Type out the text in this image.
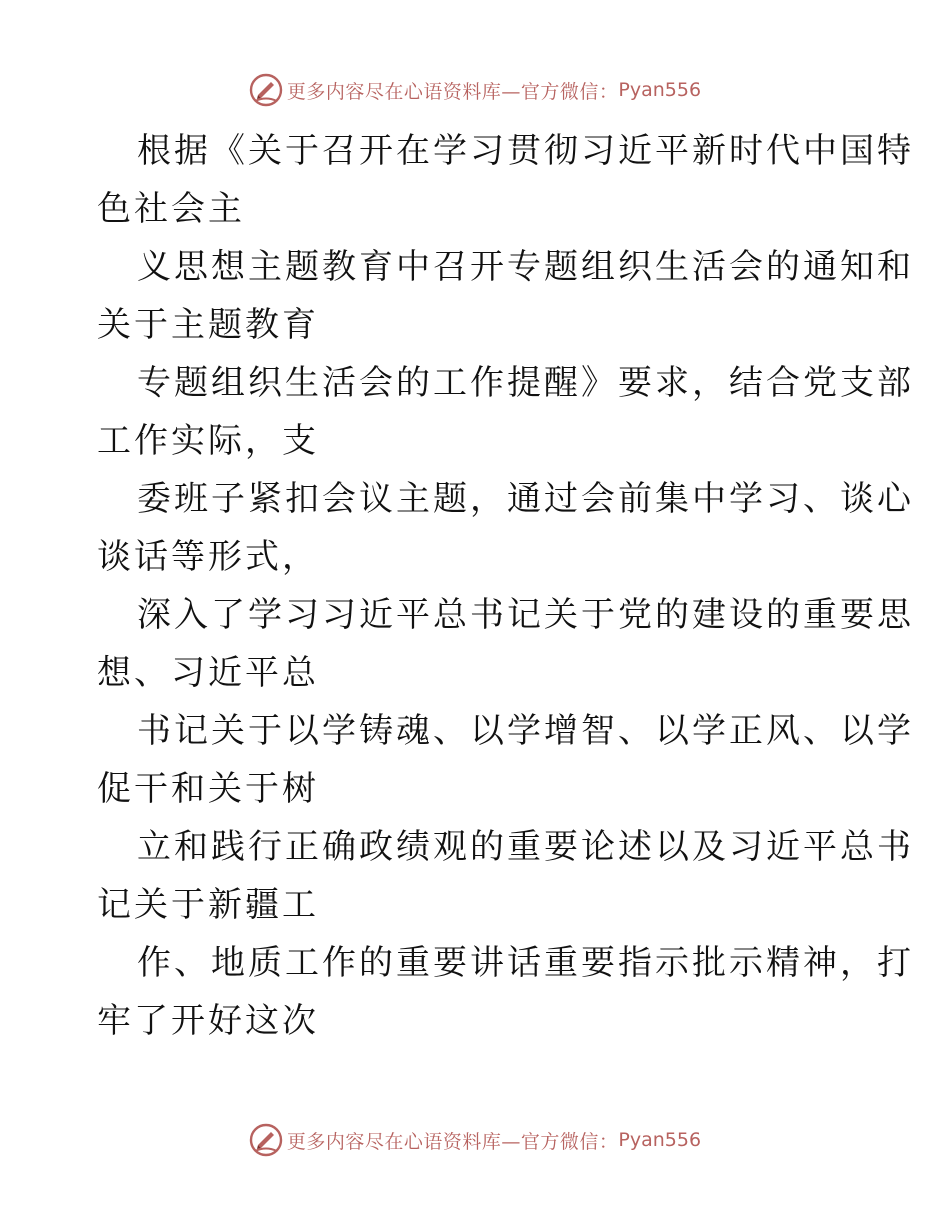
更多内容尽在心语资料库—官方微信： Pyan556

根据《关于召开在学习贯彻习近平新时代中国特
色社会主

义思想主题教育中召开专题组织生活会的通知和
关于主题教育

专题组织生活会的工作提醒》要求，结合党支部
工作实际，支

委班子紧扣会议主题，通过会前集中学习、谈心
谈话等形式，

深入了学习习近平总书记关于党的建设的重要思
想、习近平总

书记关于以学铸魂、以学增智、以学正风、以学
促干和关于树

立和践行正确政绩观的重要论述以及习近平总书
记关于新疆工

作、地质工作的重要讲话重要指示批示精神，打
牢了开好这次

更多内容尽在心语资料库—官方微信： Pyan556
